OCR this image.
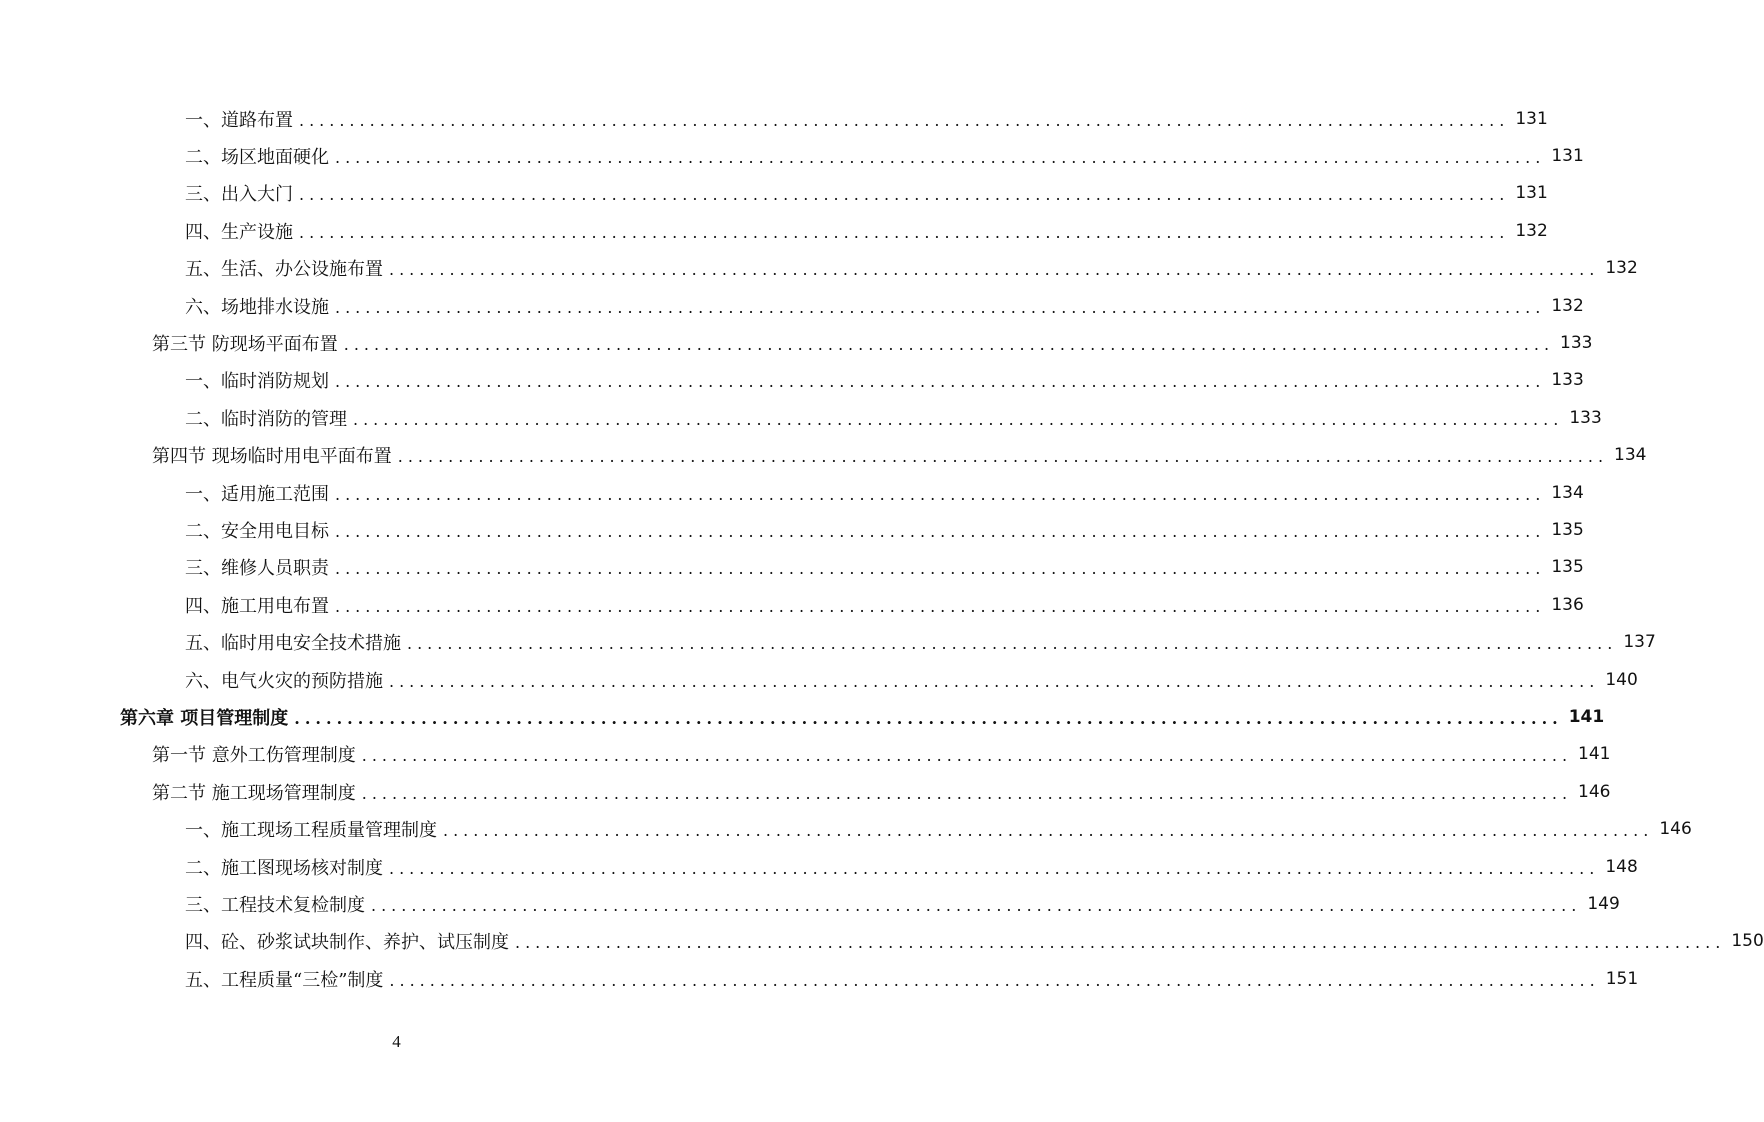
一、道路布置 ........................................................................................................................ 131
二、场区地面硬化 ........................................................................................................................ 131
三、出入大门 ........................................................................................................................ 131
四、生产设施 ........................................................................................................................ 132
五、生活、办公设施布置 ........................................................................................................................ 132
六、场地排水设施 ........................................................................................................................ 132
第三节 防现场平面布置 ........................................................................................................................ 133
一、临时消防规划 ........................................................................................................................ 133
二、临时消防的管理 ........................................................................................................................ 133
第四节 现场临时用电平面布置 ........................................................................................................................ 134
一、适用施工范围 ........................................................................................................................ 134
二、安全用电目标 ........................................................................................................................ 135
三、维修人员职责 ........................................................................................................................ 135
四、施工用电布置 ........................................................................................................................ 136
五、临时用电安全技术措施 ........................................................................................................................ 137
六、电气火灾的预防措施 ........................................................................................................................ 140
第六章 项目管理制度 ........................................................................................................................ 141
第一节 意外工伤管理制度 ........................................................................................................................ 141
第二节 施工现场管理制度 ........................................................................................................................ 146
一、施工现场工程质量管理制度 ........................................................................................................................ 146
二、施工图现场核对制度 ........................................................................................................................ 148
三、工程技术复检制度 ........................................................................................................................ 149
四、砼、砂浆试块制作、养护、试压制度 ........................................................................................................................ 150
五、工程质量“三检”制度 ........................................................................................................................ 151
4
